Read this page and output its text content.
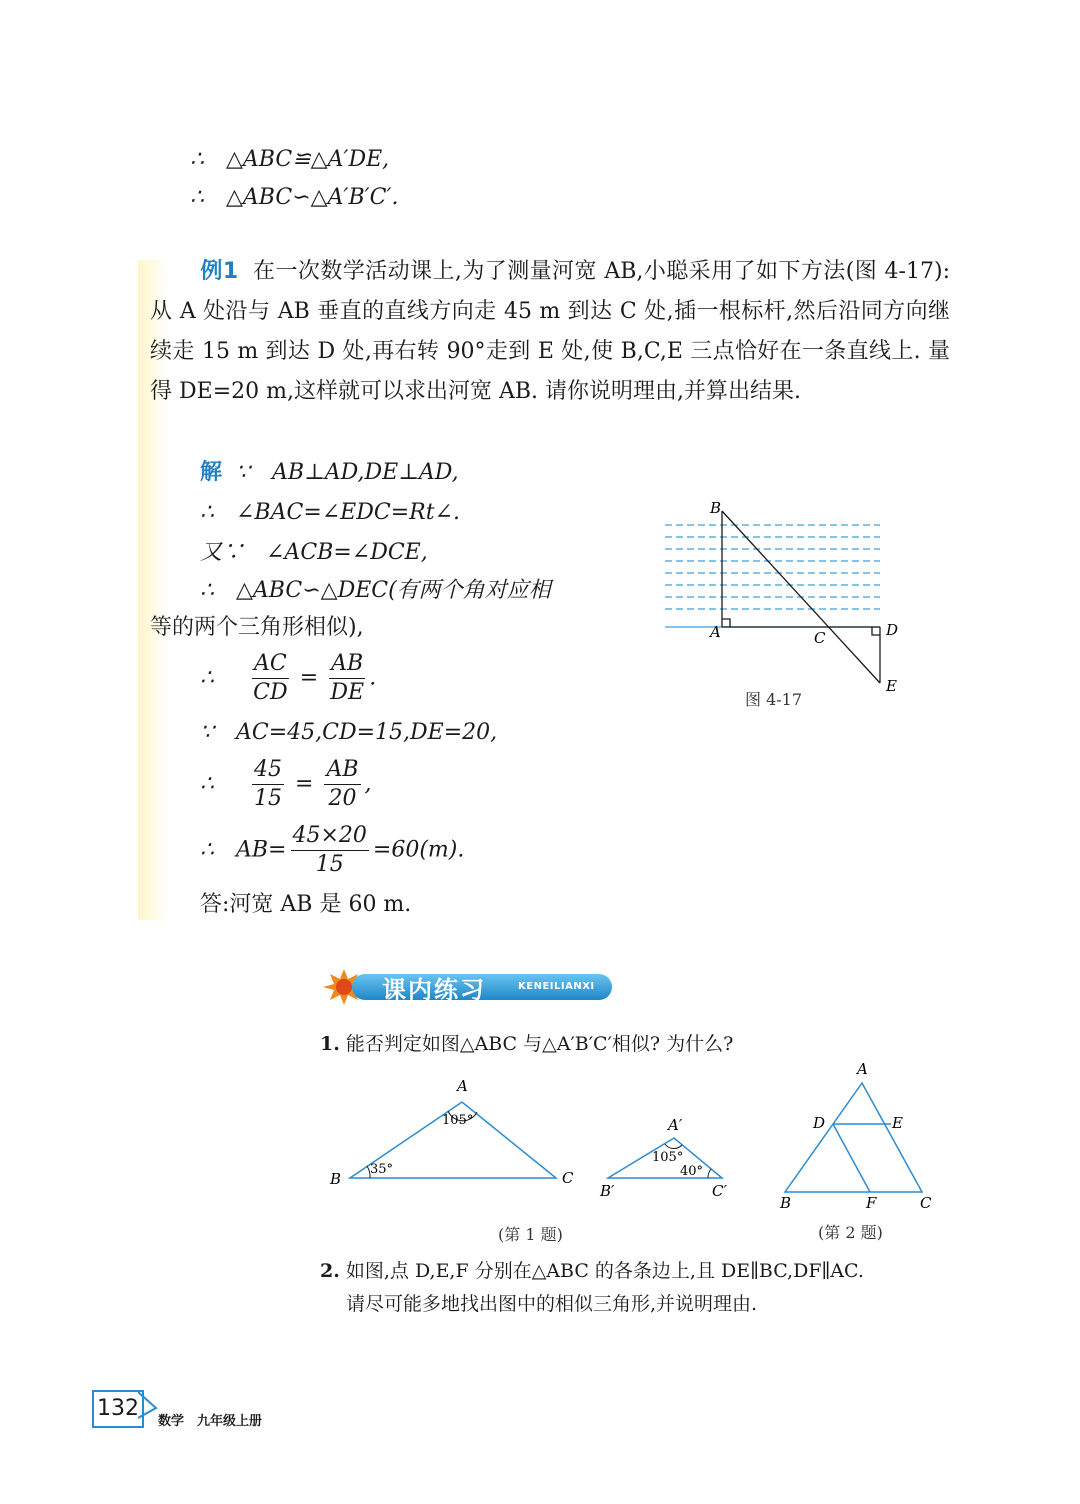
∴　△ABC≌△A′DE,
∴　△ABC∽△A′B′C′.
例1 在一次数学活动课上,为了测量河宽 AB,小聪采用了如下方法(图 4-17):从 A 处沿与 AB 垂直的直线方向走 45 m 到达 C 处,插一根标杆,然后沿同方向继续走 15 m 到达 D 处,再右转 90°走到 E 处,使 B,C,E 三点恰好在一条直线上. 量得 DE=20 m,这样就可以求出河宽 AB. 请你说明理由,并算出结果.
解 ∵　AB⊥AD,DE⊥AD,
∴　∠BAC=∠EDC=Rt∠.
又∵　∠ACB=∠DCE,
∴　△ABC∽△DEC(有两个角对应相
等的两个三角形相似),
∴ $\frac{AC}{CD} = \frac{AB}{DE}$ .
∵　AC=45,CD=15,DE=20,
∴ $\frac{45}{15} = \frac{AB}{20}$ ,
∴　$AB= \frac{45\times 20}{15} =60(m)$.
答:河宽 AB 是 60 m.
B
A	C	D
E
图 4-17
课内练习	KENEILIANXI
1. 能否判定如图△ABC 与△A′B′C′相似? 为什么?
A
B	C
105°
35°
A′
B′	C′
105°
40°
(第 1 题)
A
D	E
B	F	C
(第 2 题)
2. 如图,点 D,E,F 分别在△ABC 的各条边上,且 DE∥BC,DF∥AC.
请尽可能多地找出图中的相似三角形,并说明理由.
132
数学　九年级上册
